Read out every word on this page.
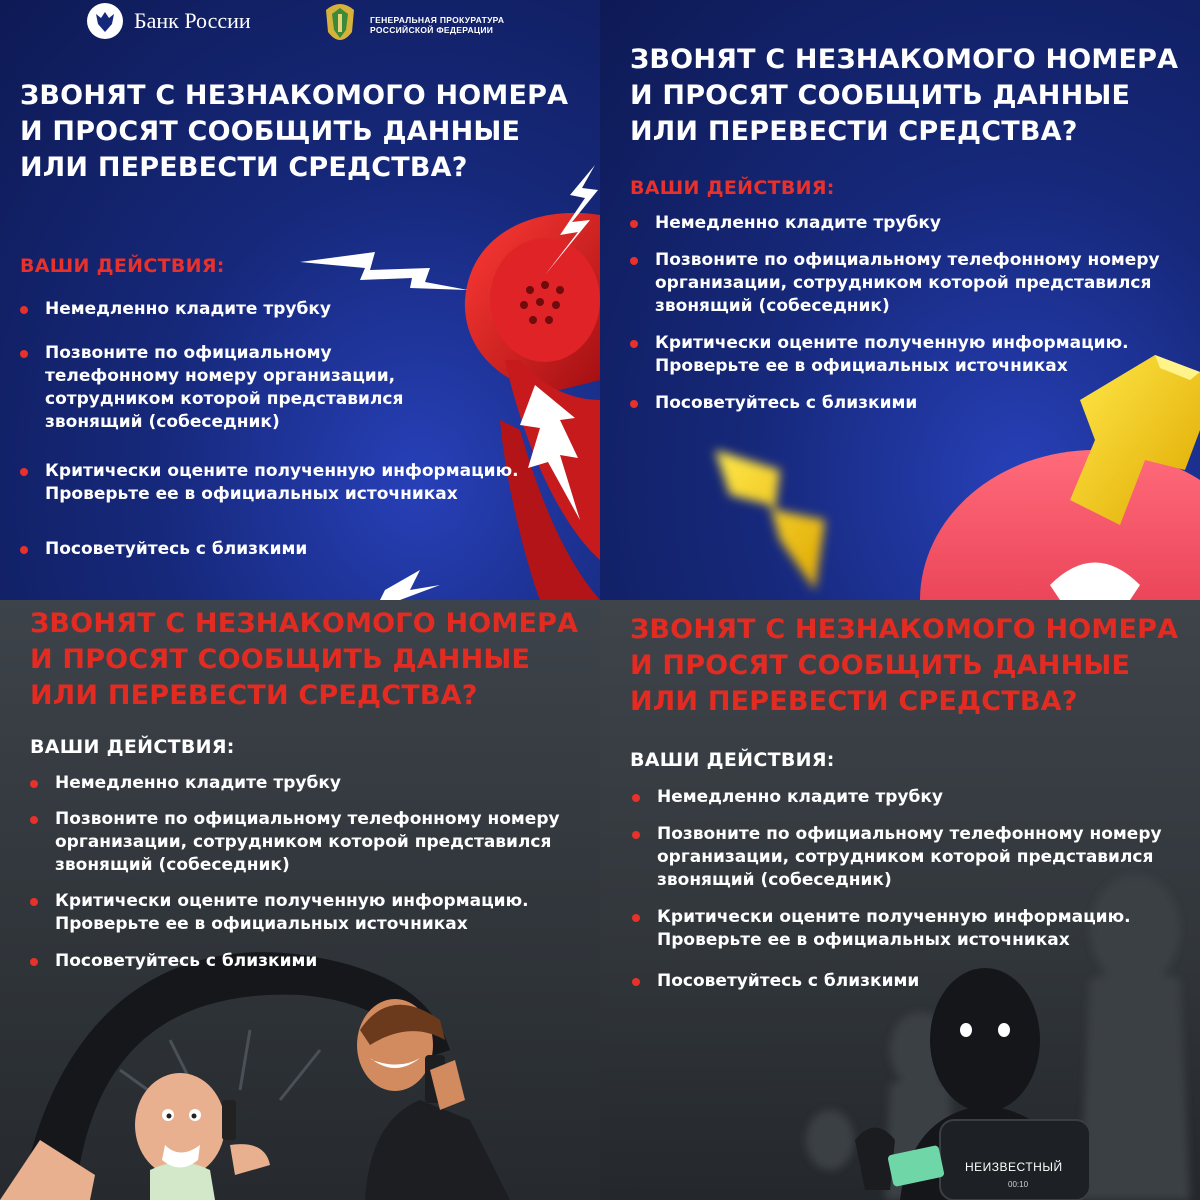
Банк России	ГЕНЕРАЛЬНАЯ ПРОКУРАТУРА
РОССИЙСКОЙ ФЕДЕРАЦИИ
ЗВОНЯТ С НЕЗНАКОМОГО НОМЕРА
И ПРОСЯТ СООБЩИТЬ ДАННЫЕ
ИЛИ ПЕРЕВЕСТИ СРЕДСТВА?
ВАШИ ДЕЙСТВИЯ:
Немедленно кладите трубку
Позвоните по официальному
телефонному номеру организации,
сотрудником которой представился
звонящий (собеседник)
Критически оцените полученную информацию.
Проверьте ее в официальных источниках
Посоветуйтесь с близкими
ЗВОНЯТ С НЕЗНАКОМОГО НОМЕРА
И ПРОСЯТ СООБЩИТЬ ДАННЫЕ
ИЛИ ПЕРЕВЕСТИ СРЕДСТВА?
ВАШИ ДЕЙСТВИЯ:
Немедленно кладите трубку
Позвоните по официальному телефонному номеру
организации, сотрудником которой представился
звонящий (собеседник)
Критически оцените полученную информацию.
Проверьте ее в официальных источниках
Посоветуйтесь с близкими
ЗВОНЯТ С НЕЗНАКОМОГО НОМЕРА
И ПРОСЯТ СООБЩИТЬ ДАННЫЕ
ИЛИ ПЕРЕВЕСТИ СРЕДСТВА?
ВАШИ ДЕЙСТВИЯ:
Немедленно кладите трубку
Позвоните по официальному телефонному номеру
организации, сотрудником которой представился
звонящий (собеседник)
Критически оцените полученную информацию.
Проверьте ее в официальных источниках
Посоветуйтесь с близкими
НЕИЗВЕСТНЫЙ
00:10
ЗВОНЯТ С НЕЗНАКОМОГО НОМЕРА
И ПРОСЯТ СООБЩИТЬ ДАННЫЕ
ИЛИ ПЕРЕВЕСТИ СРЕДСТВА?
ВАШИ ДЕЙСТВИЯ:
Немедленно кладите трубку
Позвоните по официальному телефонному номеру
организации, сотрудником которой представился
звонящий (собеседник)
Критически оцените полученную информацию.
Проверьте ее в официальных источниках
Посоветуйтесь с близкими
